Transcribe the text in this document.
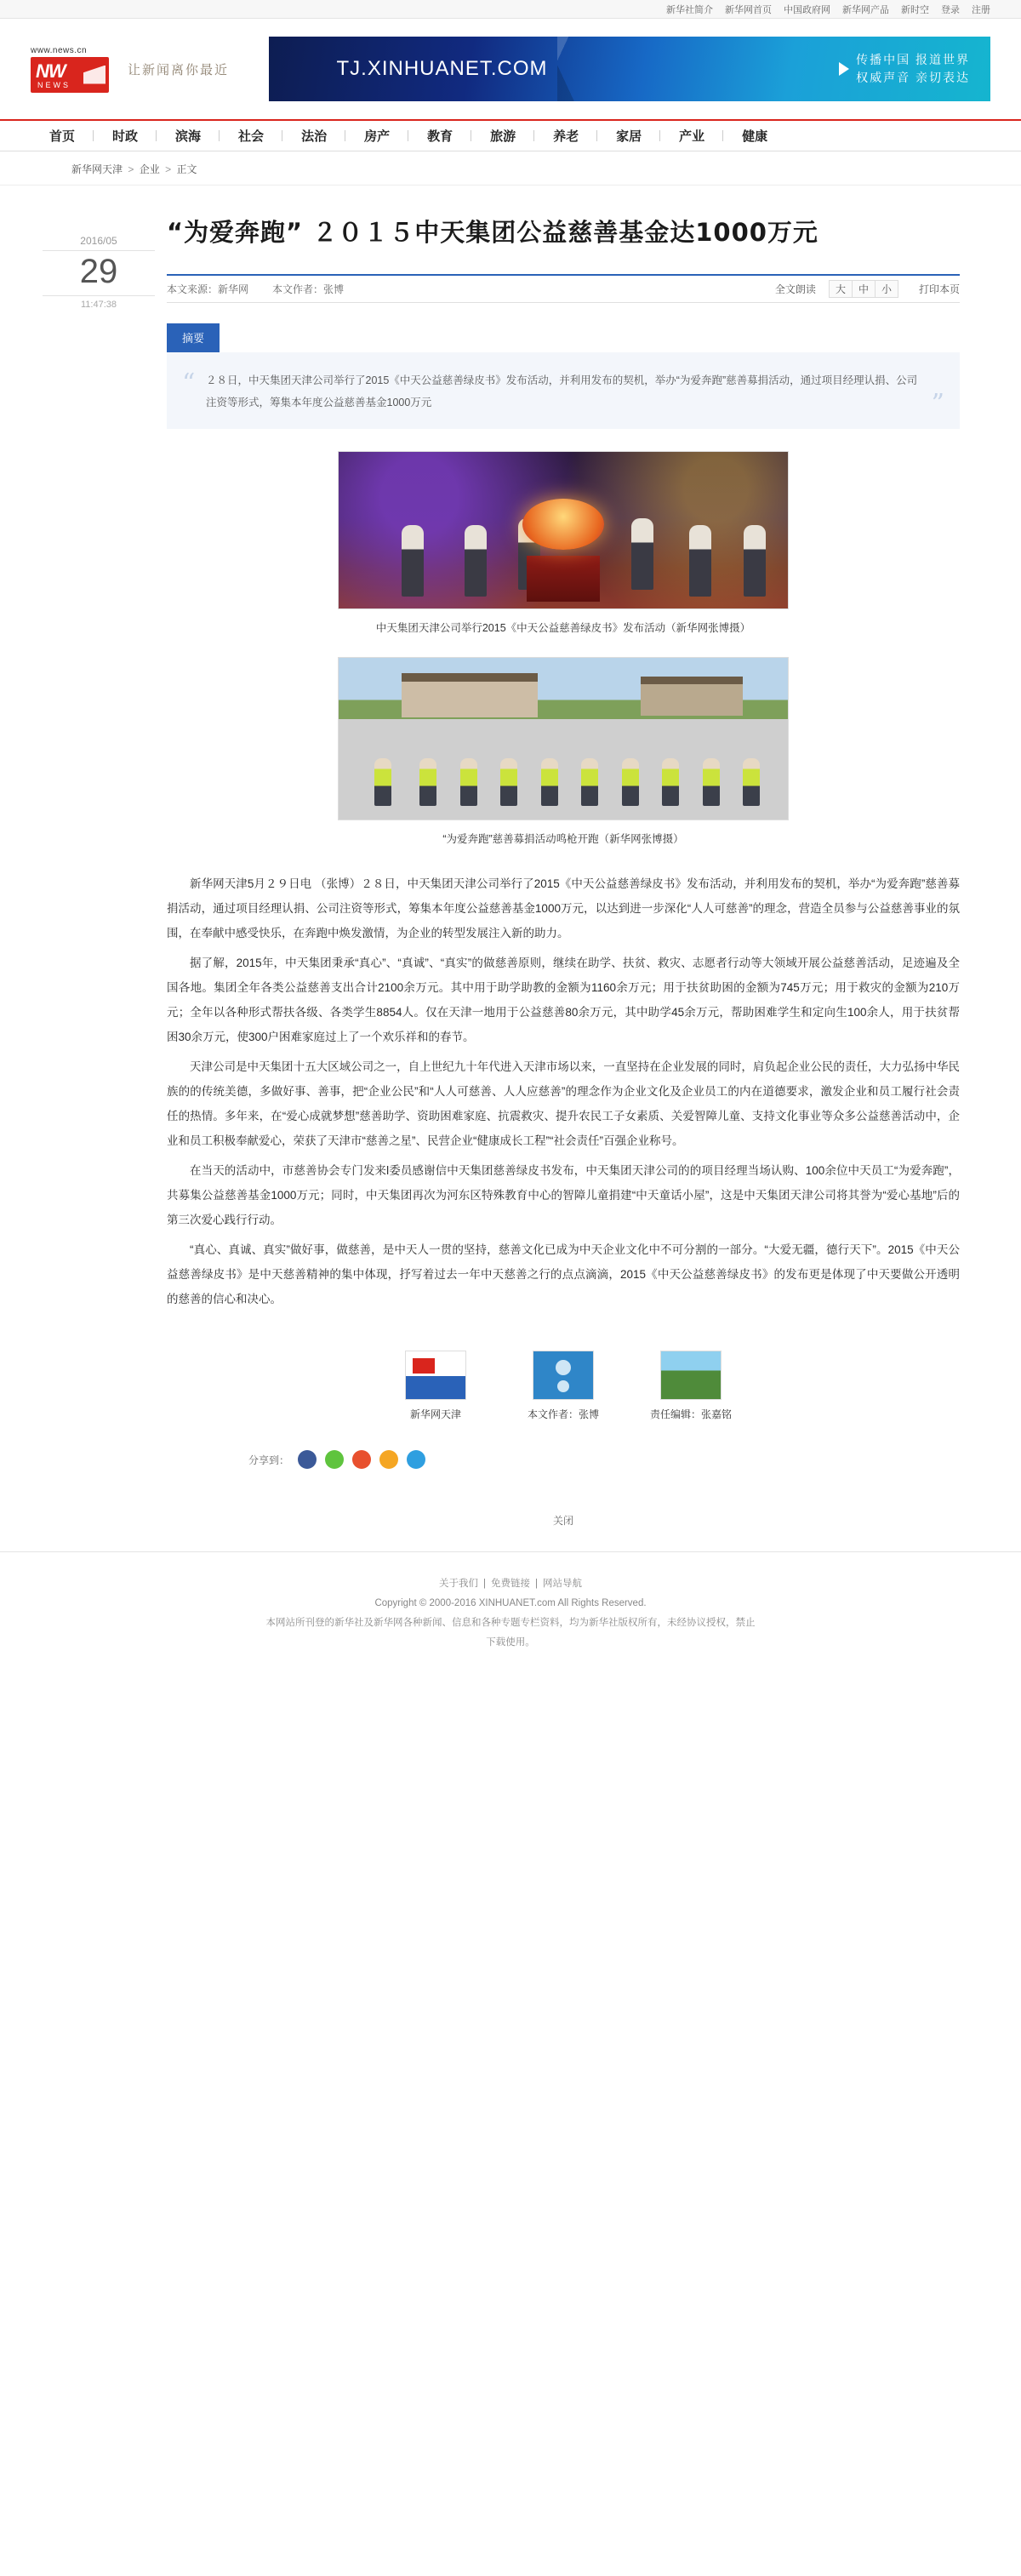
新华社简介 新华网首页 中国政府网 新华网产品 新时空 登录 注册
www.news.cn
NW
NEWS
让新闻离你最近	TJ.XINHUANET.COM	传播中国 报道世界
权威声音 亲切表达
首页	时政	滨海	社会	法治	房产	教育	旅游	养老	家居	产业	健康
新华网天津 > 企业 > 正文
2016/05
29
11:47:38
“为爱奔跑” ２０１５中天集团公益慈善基金达1000万元
本文来源：新华网 本文作者：张博	全文朗读	大	中	小	打印本页
摘要
“ ２８日，中天集团天津公司举行了2015《中天公益慈善绿皮书》发布活动，并利用发布的契机，举办“为爱奔跑”慈善募捐活动，通过项目经理认捐、公司注资等形式，筹集本年度公益慈善基金1000万元	”
中天集团天津公司举行2015《中天公益慈善绿皮书》发布活动（新华网张博摄）
“为爱奔跑”慈善募捐活动鸣枪开跑（新华网张博摄）

新华网天津5月２９日电 （张博）２８日，中天集团天津公司举行了2015《中天公益慈善绿皮书》发布活动，并利用发布的契机，举办“为爱奔跑”慈善募捐活动，通过项目经理认捐、公司注资等形式，筹集本年度公益慈善基金1000万元，以达到进一步深化“人人可慈善”的理念，营造全员参与公益慈善事业的氛围，在奉献中感受快乐，在奔跑中焕发激情，为企业的转型发展注入新的助力。

据了解，2015年，中天集团秉承“真心”、“真诚”、“真实”的做慈善原则，继续在助学、扶贫、救灾、志愿者行动等大领域开展公益慈善活动，足迹遍及全国各地。集团全年各类公益慈善支出合计2100余万元。其中用于助学助教的金额为1160余万元；用于扶贫助困的金额为745万元；用于救灾的金额为210万元；全年以各种形式帮扶各级、各类学生8854人。仅在天津一地用于公益慈善80余万元，其中助学45余万元，帮助困难学生和定向生100余人，用于扶贫帮困30余万元，使300户困难家庭过上了一个欢乐祥和的春节。

天津公司是中天集团十五大区域公司之一，自上世纪九十年代进入天津市场以来，一直坚持在企业发展的同时，肩负起企业公民的责任，大力弘扬中华民族的的传统美德，多做好事、善事，把“企业公民”和“人人可慈善、人人应慈善”的理念作为企业文化及企业员工的内在道德要求，激发企业和员工履行社会责任的热情。多年来，在“爱心成就梦想”慈善助学、资助困难家庭、抗震救灾、提升农民工子女素质、关爱智障儿童、支持文化事业等众多公益慈善活动中，企业和员工积极奉献爱心，荣获了天津市“慈善之星”、民营企业“健康成长工程”“社会责任”百强企业称号。

在当天的活动中，市慈善协会专门发来l委员感谢信中天集团慈善绿皮书发布，中天集团天津公司的的项目经理当场认购、100余位中天员工“为爱奔跑”，共募集公益慈善基金1000万元；同时，中天集团再次为河东区特殊教育中心的智障儿童捐建“中天童话小屋”，这是中天集团天津公司将其誉为“爱心基地”后的第三次爱心践行行动。

“真心、真诚、真实”做好事，做慈善，是中天人一贯的坚持，慈善文化已成为中天企业文化中不可分割的一部分。“大爱无疆，德行天下”。2015《中天公益慈善绿皮书》是中天慈善精神的集中体现，抒写着过去一年中天慈善之行的点点滴滴，2015《中天公益慈善绿皮书》的发布更是体现了中天要做公开透明的慈善的信心和决心。

新华网天津	本文作者：张博	责任编辑：张嘉铭
分享到：
关闭
关于我们 | 免费链接 | 网站导航
Copyright © 2000-2016 XINHUANET.com All Rights Reserved.
本网站所刊登的新华社及新华网各种新闻、信息和各种专题专栏资料，均为新华社版权所有，未经协议授权，禁止
下载使用。
